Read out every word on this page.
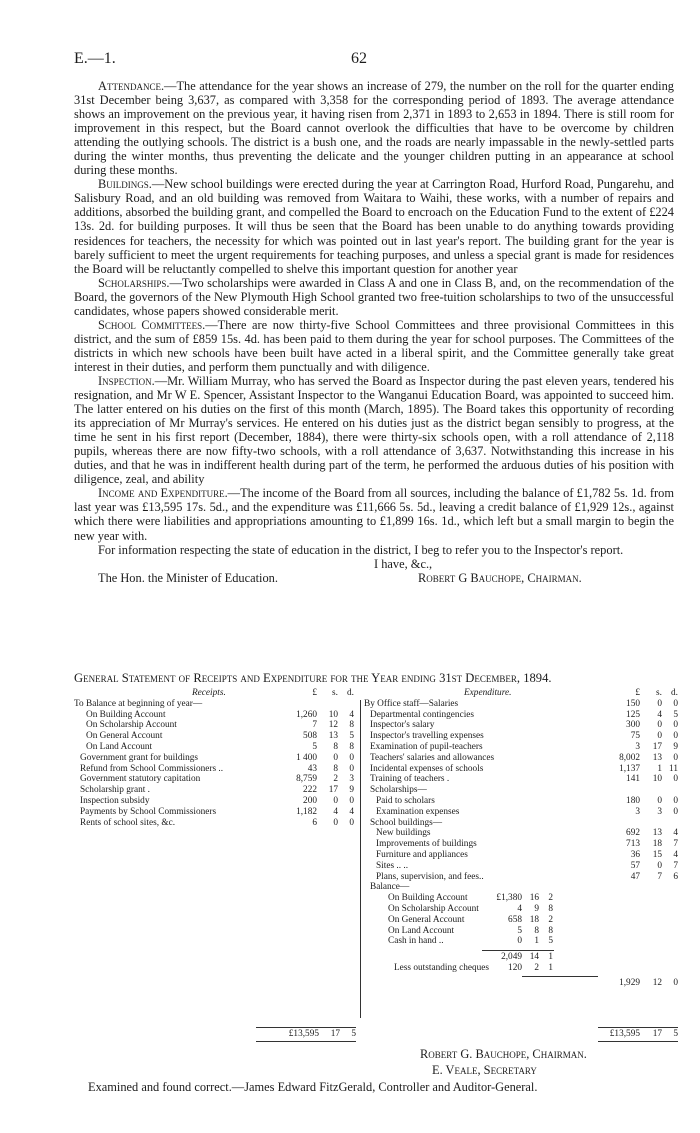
E.—1.	62

Attendance.—The attendance for the year shows an increase of 279, the number on the roll for the quarter ending 31st December being 3,637, as compared with 3,358 for the corresponding period of 1893. The average attendance shows an improvement on the previous year, it having risen from 2,371 in 1893 to 2,653 in 1894. There is still room for improvement in this respect, but the Board cannot overlook the difficulties that have to be overcome by children attending the outlying schools. The district is a bush one, and the roads are nearly impassable in the newly-settled parts during the winter months, thus preventing the delicate and the younger children putting in an appearance at school during these months.

Buildings.—New school buildings were erected during the year at Carrington Road, Hurford Road, Pungarehu, and Salisbury Road, and an old building was removed from Waitara to Waihi, these works, with a number of repairs and additions, absorbed the building grant, and compelled the Board to encroach on the Education Fund to the extent of £224 13s. 2d. for building purposes. It will thus be seen that the Board has been unable to do anything towards providing residences for teachers, the necessity for which was pointed out in last year's report. The building grant for the year is barely sufficient to meet the urgent requirements for teaching purposes, and unless a special grant is made for residences the Board will be reluctantly compelled to shelve this important question for another year

Scholarships.—Two scholarships were awarded in Class A and one in Class B, and, on the recommendation of the Board, the governors of the New Plymouth High School granted two free-tuition scholarships to two of the unsuccessful candidates, whose papers showed considerable merit.

School Committees.—There are now thirty-five School Committees and three provisional Committees in this district, and the sum of £859 15s. 4d. has been paid to them during the year for school purposes. The Committees of the districts in which new schools have been built have acted in a liberal spirit, and the Committee generally take great interest in their duties, and perform them punctually and with diligence.

Inspection.—Mr. William Murray, who has served the Board as Inspector during the past eleven years, tendered his resignation, and Mr W E. Spencer, Assistant Inspector to the Wanganui Education Board, was appointed to succeed him. The latter entered on his duties on the first of this month (March, 1895). The Board takes this opportunity of recording its appreciation of Mr Murray's services. He entered on his duties just as the district began sensibly to progress, at the time he sent in his first report (December, 1884), there were thirty-six schools open, with a roll attendance of 2,118 pupils, whereas there are now fifty-two schools, with a roll attendance of 3,637. Notwithstanding this increase in his duties, and that he was in indifferent health during part of the term, he performed the arduous duties of his position with diligence, zeal, and ability

Income and Expenditure.—The income of the Board from all sources, including the balance of £1,782 5s. 1d. from last year was £13,595 17s. 5d., and the expenditure was £11,666 5s. 5d., leaving a credit balance of £1,929 12s., against which there were liabilities and appropriations amounting to £1,899 16s. 1d., which left but a small margin to begin the new year with.

For information respecting the state of education in the district, I beg to refer you to the Inspector's report.

I have, &c.,
The Hon. the Minister of Education.	Robert G Bauchope, Chairman.
General Statement of Receipts and Expenditure for the Year ending 31st December, 1894.
Receipts.	£ s. d.
To Balance at beginning of year—
On Building Account	1,260 10 4
On Scholarship Account	7 12 8
On General Account	508 13 5
On Land Account	5 8 8
Government grant for buildings	1 400 0 0
Refund from School Commissioners ..	43 8 0
Government statutory capitation	8,759 2 3
Scholarship grant .	222 17 9
Inspection subsidy	200 0 0
Payments by School Commissioners	1,182 4 4
Rents of school sites, &c.	6 0 0
Expenditure.	£ s. d.
By Office staff—Salaries	150 0 0
Departmental contingencies	125 4 5
Inspector's salary	300 0 0
Inspector's travelling expenses	75 0 0
Examination of pupil-teachers	3 17 9
Teachers' salaries and allowances	8,002 13 0
Incidental expenses of schools	1,137 1 11
Training of teachers .	141 10 0
Scholarships—
Paid to scholars	180 0 0
Examination expenses	3 3 0
School buildings—
New buildings	692 13 4
Improvements of buildings	713 18 7
Furniture and appliances	36 15 4
Sites .. ..	57 0 7
Plans, supervision, and fees..	47 7 6
Balance—
On Building Account	£1,380 16	2
On Scholarship Account	4	9	8
On General Account	658 18	2
On Land Account	5	8	8
Cash in hand ..	0	1	5
2,049 14	1
Less outstanding cheques	120	2	1
1,929 12 0
£13,595 17 5	£13,595 17 5
Robert G. Bauchope, Chairman.
E. Veale, Secretary
Examined and found correct.—James Edward FitzGerald, Controller and Auditor-General.
